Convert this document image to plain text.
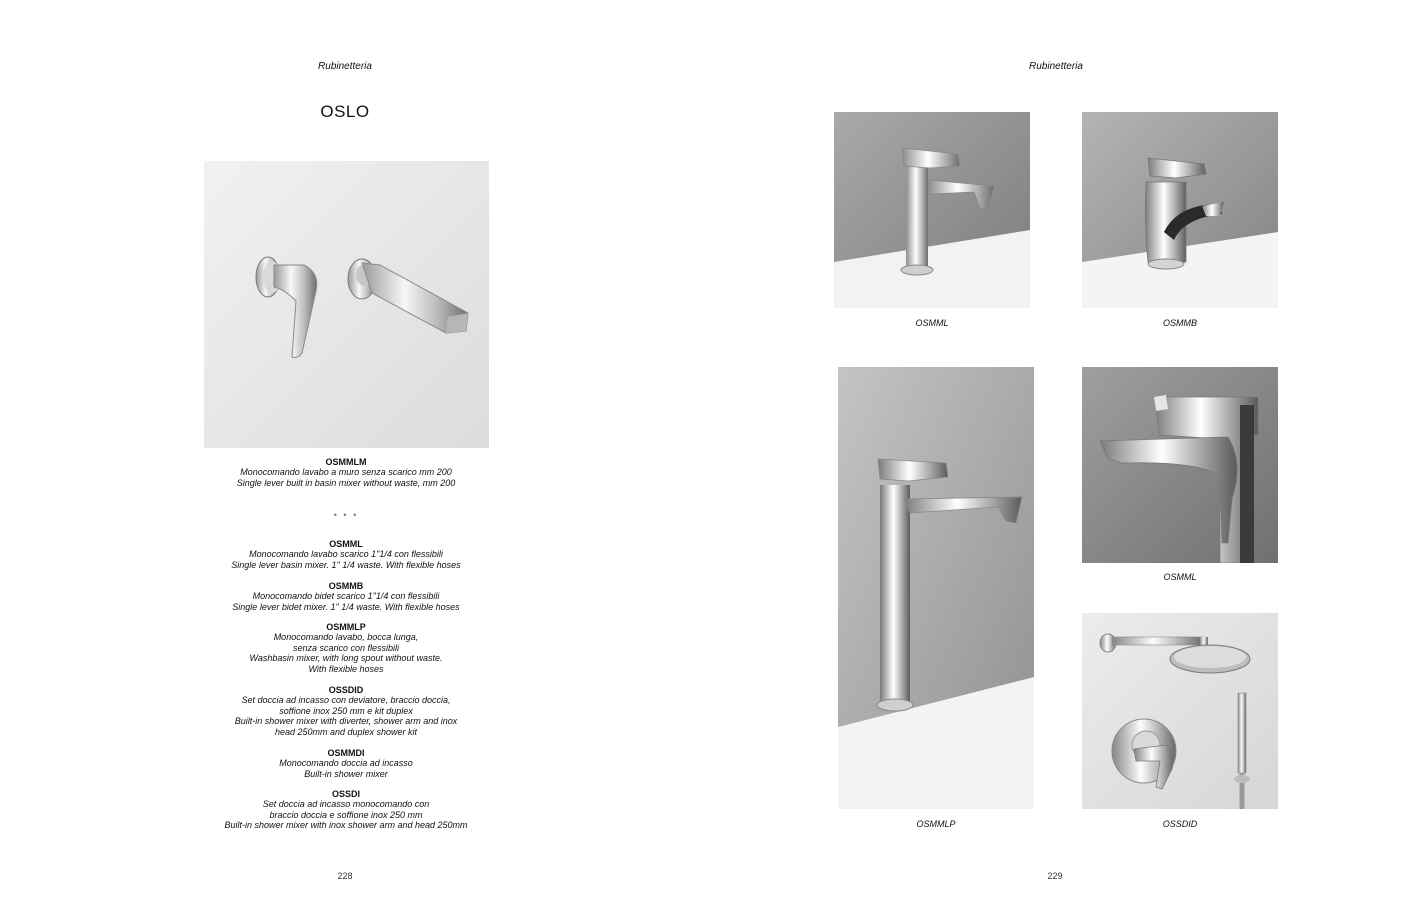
Rubinetteria
OSLO
OSMMLM
Monocomando lavabo a muro senza scarico mm 200
Single lever built in basin mixer without waste, mm 200
• • •
OSMML
Monocomando lavabo scarico 1"1/4 con flessibili
Single lever basin mixer. 1" 1/4 waste. With flexible hoses
OSMMB
Monocomando bidet scarico 1"1/4 con flessibili
Single lever bidet mixer. 1" 1/4 waste. With flexible hoses
OSMMLP
Monocomando lavabo, bocca lunga,
senza scarico con flessibili
Washbasin mixer, with long spout without waste.
With flexible hoses
OSSDID
Set doccia ad incasso con deviatore, braccio doccia,
soffione inox 250 mm e kit duplex
Built-in shower mixer with diverter, shower arm and inox
head 250mm and duplex shower kit
OSMMDI
Monocomando doccia ad incasso
Built-in shower mixer
OSSDI
Set doccia ad incasso monocomando con
braccio doccia e soffione inox 250 mm
Built-in shower mixer with inox shower arm and head 250mm
228
Rubinetteria
OSMML	OSMMB
OSMMLP
OSMML
OSSDID
229
